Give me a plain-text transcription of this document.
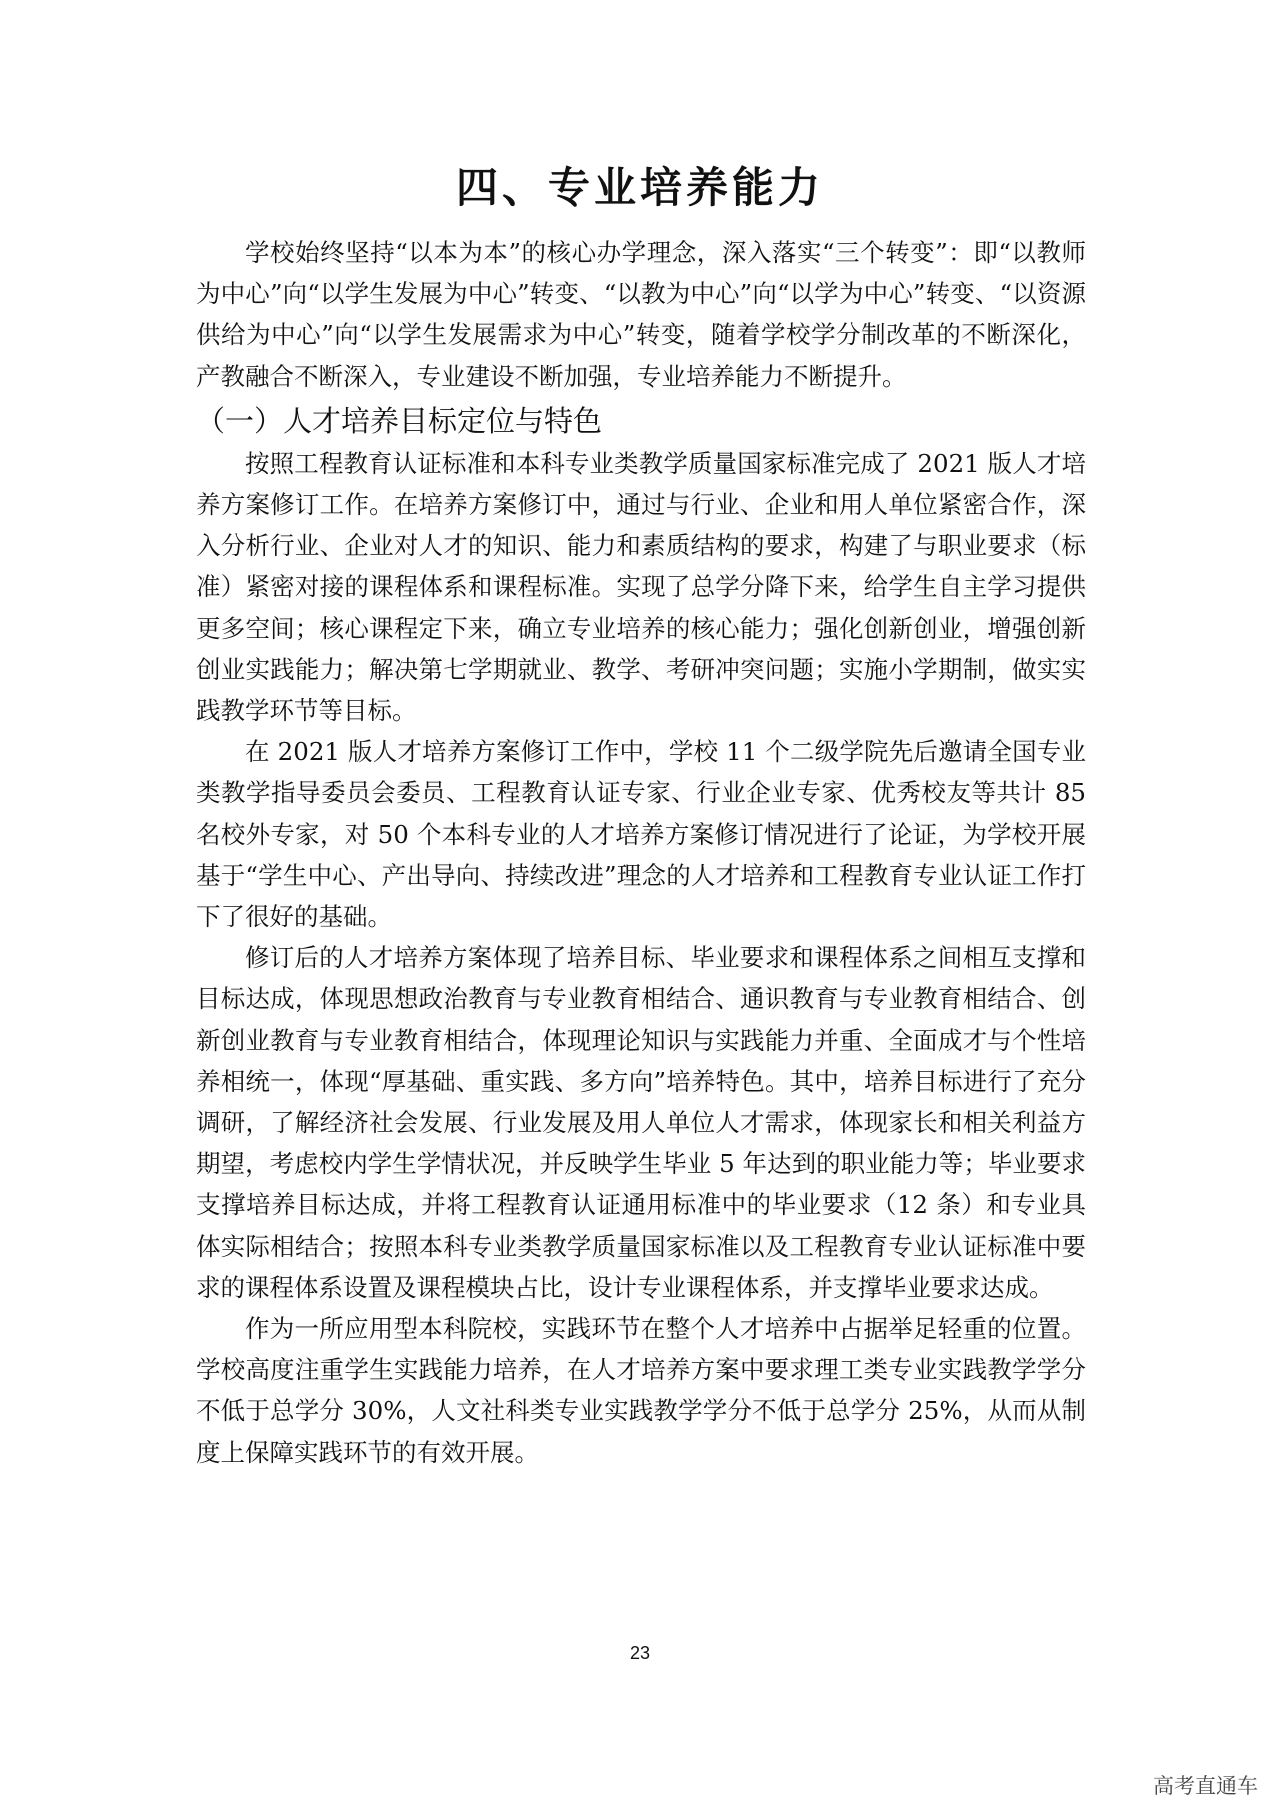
四、专业培养能力

学校始终坚持“以本为本”的核心办学理念，深入落实“三个转变”：即“以教师为中心”向“以学生发展为中心”转变、“以教为中心”向“以学为中心”转变、“以资源供给为中心”向“以学生发展需求为中心”转变，随着学校学分制改革的不断深化，产教融合不断深入，专业建设不断加强，专业培养能力不断提升。

（一）人才培养目标定位与特色

按照工程教育认证标准和本科专业类教学质量国家标准完成了 2021 版人才培养方案修订工作。在培养方案修订中，通过与行业、企业和用人单位紧密合作，深入分析行业、企业对人才的知识、能力和素质结构的要求，构建了与职业要求（标准）紧密对接的课程体系和课程标准。实现了总学分降下来，给学生自主学习提供更多空间；核心课程定下来，确立专业培养的核心能力；强化创新创业，增强创新创业实践能力；解决第七学期就业、教学、考研冲突问题；实施小学期制，做实实践教学环节等目标。

在 2021 版人才培养方案修订工作中，学校 11 个二级学院先后邀请全国专业类教学指导委员会委员、工程教育认证专家、行业企业专家、优秀校友等共计 85 名校外专家，对 50 个本科专业的人才培养方案修订情况进行了论证，为学校开展基于“学生中心、产出导向、持续改进”理念的人才培养和工程教育专业认证工作打下了很好的基础。

修订后的人才培养方案体现了培养目标、毕业要求和课程体系之间相互支撑和目标达成，体现思想政治教育与专业教育相结合、通识教育与专业教育相结合、创新创业教育与专业教育相结合，体现理论知识与实践能力并重、全面成才与个性培养相统一，体现“厚基础、重实践、多方向”培养特色。其中，培养目标进行了充分调研，了解经济社会发展、行业发展及用人单位人才需求，体现家长和相关利益方期望，考虑校内学生学情状况，并反映学生毕业 5 年达到的职业能力等；毕业要求支撑培养目标达成，并将工程教育认证通用标准中的毕业要求（12 条）和专业具体实际相结合；按照本科专业类教学质量国家标准以及工程教育专业认证标准中要求的课程体系设置及课程模块占比，设计专业课程体系，并支撑毕业要求达成。

作为一所应用型本科院校，实践环节在整个人才培养中占据举足轻重的位置。学校高度注重学生实践能力培养，在人才培养方案中要求理工类专业实践教学学分不低于总学分 30%，人文社科类专业实践教学学分不低于总学分 25%，从而从制度上保障实践环节的有效开展。

23
高考直通车
